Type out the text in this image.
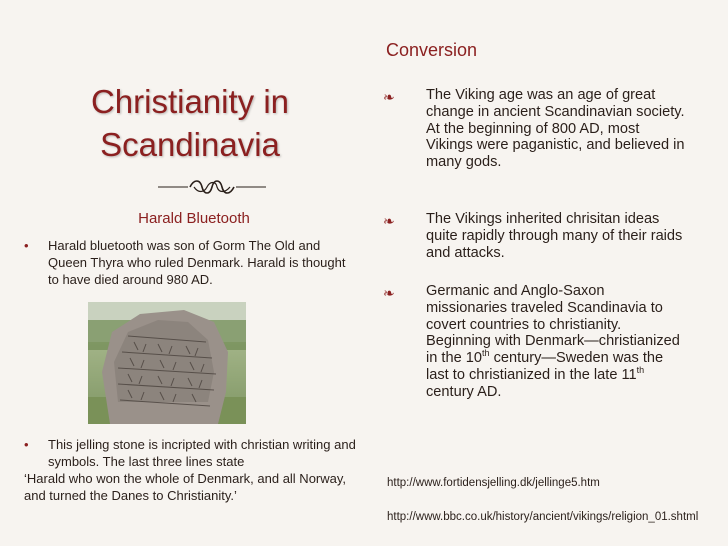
Christianity in
Scandinavia
Harald Bluetooth
• Harald bluetooth was son of Gorm The Old and Queen Thyra who ruled Denmark. Harald is thought to have died around 980 AD.
• This jelling stone is incripted with christian writing and symbols. The last three lines state
‘Harald who won the whole of Denmark, and all Norway, and turned the Danes to Christianity.’
Conversion
❧ The Viking age was an age of great change in ancient Scandinavian society. At the beginning of 800 AD, most Vikings were paganistic, and believed in many gods.
❧ The Vikings inherited chrisitan ideas quite rapidly through many of their raids and attacks.
❧ Germanic and Anglo-Saxon missionaries traveled Scandinavia to covert countries to christianity. Beginning with Denmark—christianized in the 10th century—Sweden was the last to christianized in the late 11th century AD.
http://www.fortidensjelling.dk/jellinge5.htm
http://www.bbc.co.uk/history/ancient/vikings/religion_01.shtml
